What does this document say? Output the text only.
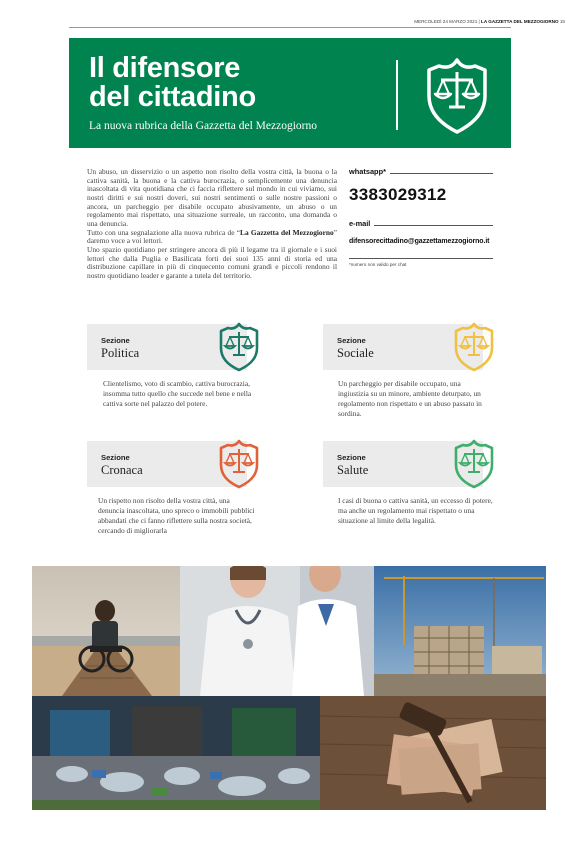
MERCOLEDÌ 24 MARZO 2021 | LA GAZZETTA DEL MEZZOGIORNO 15
Il difensore
del cittadino
La nuova rubrica della Gazzetta del Mezzogiorno

Un abuso, un disservizio o un aspetto non risolto della vostra città, la buona o la cattiva sanità, la buona e la cattiva burocrazia, o semplicemente una denuncia inascoltata di vita quotidiana che ci faccia riflettere sul mondo in cui viviamo, sui nostri diritti e sui nostri doveri, sui nostri sentimenti o sulle nostre passioni o ancora, un parcheggio per disabile occupato abusivamente, un abuso o un regolamento mai rispettato, una situazione surreale, un racconto, una domanda o una denuncia.

Tutto con una segnalazione alla nuova rubrica de “La Gazzetta del Mezzogiorno” daremo voce a voi lettori.

Uno spazio quotidiano per stringere ancora di più il legame tra il giornale e i suoi lettori che dalla Puglia e Basilicata forti dei suoi 135 anni di storia ed una distribuzione capillare in più di cinquecento comuni grandi e piccoli rendono il nostro quotidiano leader e garante a tutela del territorio.

whatsapp*
3383029312
e-mail
difensorecittadino@gazzettamezzogiorno.it
*numero non valido per chat
Sezione
Politica
Clientelismo, voto di scambio, cattiva burocrazia, insomma tutto quello che succede nel bene e nella cattiva sorte nel palazzo del potere.
Sezione
Sociale
Un parcheggio per disabile occupato, una ingiustizia su un minore, ambiente deturpato, un regolamento non rispettato e un abuso passato in sordina.
Sezione
Cronaca
Un rispetto non risolto della vostra città, una denuncia inascoltata, uno spreco o immobili pubblici abbandati che ci fanno riflettere sulla nostra società, cercando di migliorarla
Sezione
Salute
I casi di buona o cattiva sanità, un eccesso di potere, ma anche un regolamento mai rispettato o una situazione al limite della legalità.
